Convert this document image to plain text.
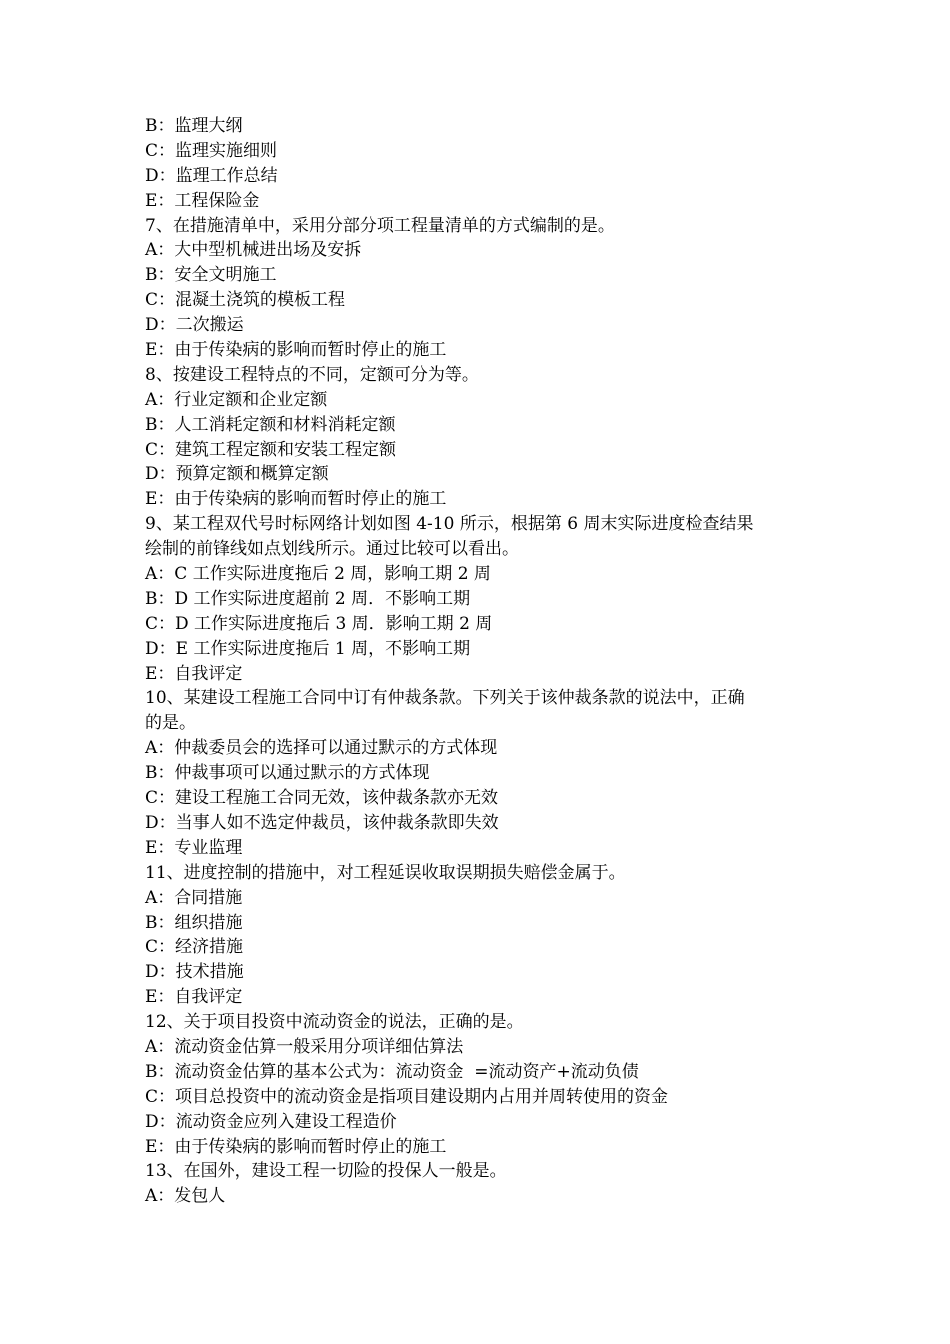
B：监理大纲
C：监理实施细则
D：监理工作总结
E：工程保险金
7、在措施清单中，采用分部分项工程量清单的方式编制的是。
A：大中型机械进出场及安拆
B：安全文明施工
C：混凝土浇筑的模板工程
D：二次搬运
E：由于传染病的影响而暂时停止的施工
8、按建设工程特点的不同，定额可分为等。
A：行业定额和企业定额
B：人工消耗定额和材料消耗定额
C：建筑工程定额和安装工程定额
D：预算定额和概算定额
E：由于传染病的影响而暂时停止的施工
9、某工程双代号时标网络计划如图 4-10 所示，根据第 6 周末实际进度检查结果
绘制的前锋线如点划线所示。通过比较可以看出。
A：C 工作实际进度拖后 2 周，影响工期 2 周
B：D 工作实际进度超前 2 周．不影响工期
C：D 工作实际进度拖后 3 周．影响工期 2 周
D：E 工作实际进度拖后 1 周，不影响工期
E：自我评定
10、某建设工程施工合同中订有仲裁条款。下列关于该仲裁条款的说法中，正确
的是。
A：仲裁委员会的选择可以通过默示的方式体现
B：仲裁事项可以通过默示的方式体现
C：建设工程施工合同无效，该仲裁条款亦无效
D：当事人如不选定仲裁员，该仲裁条款即失效
E：专业监理
11、进度控制的措施中，对工程延误收取误期损失赔偿金属于。
A：合同措施
B：组织措施
C：经济措施
D：技术措施
E：自我评定
12、关于项目投资中流动资金的说法，正确的是。
A：流动资金估算一般采用分项详细估算法
B：流动资金估算的基本公式为：流动资金  =流动资产+流动负债
C：项目总投资中的流动资金是指项目建设期内占用并周转使用的资金
D：流动资金应列入建设工程造价
E：由于传染病的影响而暂时停止的施工
13、在国外，建设工程一切险的投保人一般是。
A：发包人
